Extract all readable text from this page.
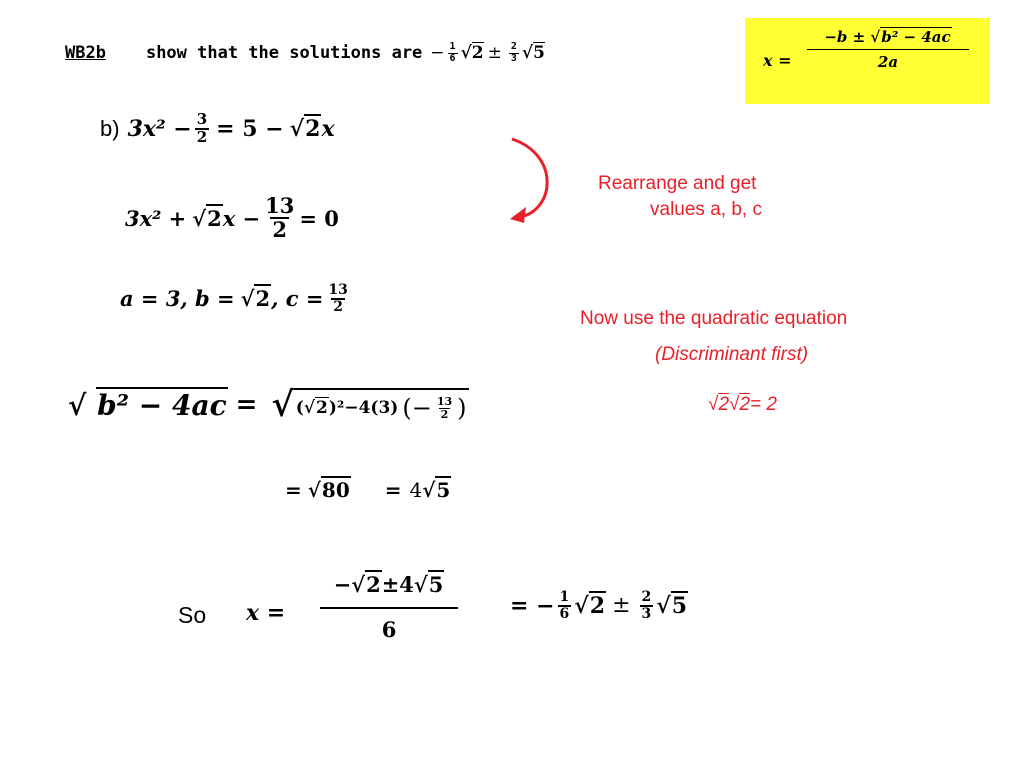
WB2b show that the solutions are − $\frac{1}{6} √2 \pm \frac{2}{3} √5$	x =
−b ± √b² − 4ac
2a
b) $3x^2 - \frac{3}{2} = 5 - √2$ x
3x² + √2 $x - \frac{13}{2} = 0$
a = 3, b = √2 , $c = \frac{13}{2}$
Rearrange and get
values a, b, c
Now use the quadratic equation
(Discriminant first)
√2√2= 2
√ b² − 4ac = √ ( √2 )²−4(3) (− $\frac{13}{2}$ )
= √80 = 4 √5
So x =
−√2±4√5
6
= − $\frac{1}{6} √2 \pm \frac{2}{3} √5$
